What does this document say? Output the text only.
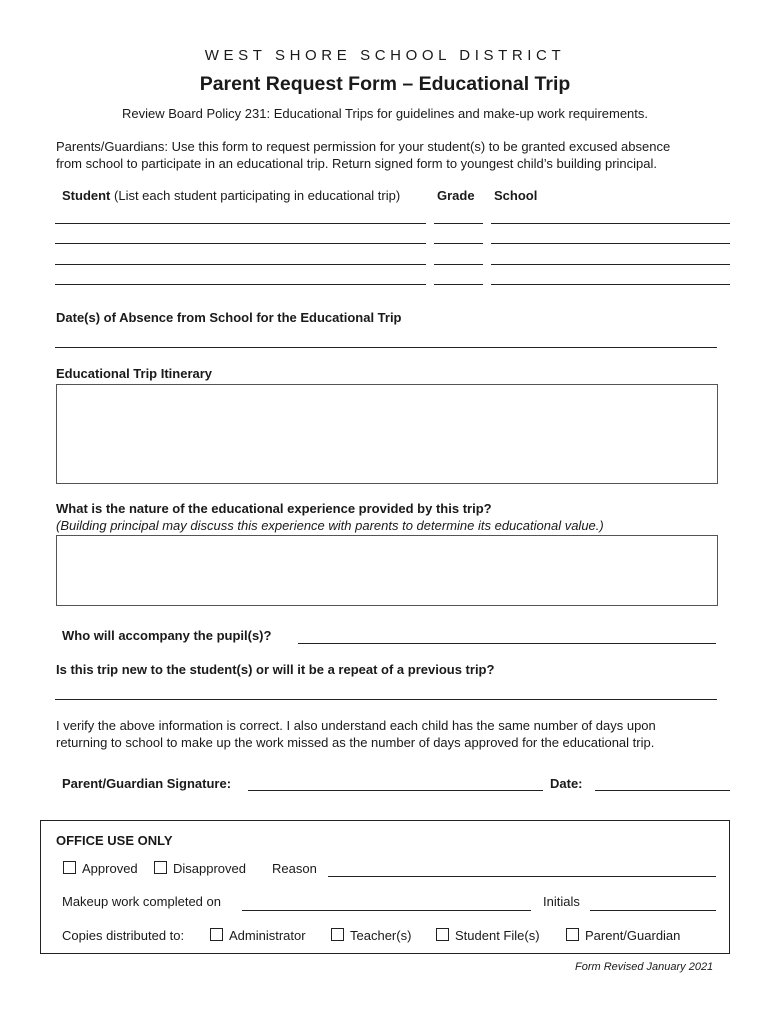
WEST SHORE SCHOOL DISTRICT
Parent Request Form – Educational Trip
Review Board Policy 231: Educational Trips for guidelines and make-up work requirements.
Parents/Guardians: Use this form to request permission for your student(s) to be granted excused absence
from school to participate in an educational trip. Return signed form to youngest child’s building principal.
Student (List each student participating in educational trip)	Grade School
Date(s) of Absence from School for the Educational Trip
Educational Trip Itinerary
What is the nature of the educational experience provided by this trip?
(Building principal may discuss this experience with parents to determine its educational value.)
Who will accompany the pupil(s)?
Is this trip new to the student(s) or will it be a repeat of a previous trip?
I verify the above information is correct. I also understand each child has the same number of days upon
returning to school to make up the work missed as the number of days approved for the educational trip.
Parent/Guardian Signature:	Date:
OFFICE USE ONLY
Approved	Disapproved Reason
Makeup work completed on	Initials
Copies distributed to:	Administrator	Teacher(s)	Student File(s)	Parent/Guardian
Form Revised January 2021
